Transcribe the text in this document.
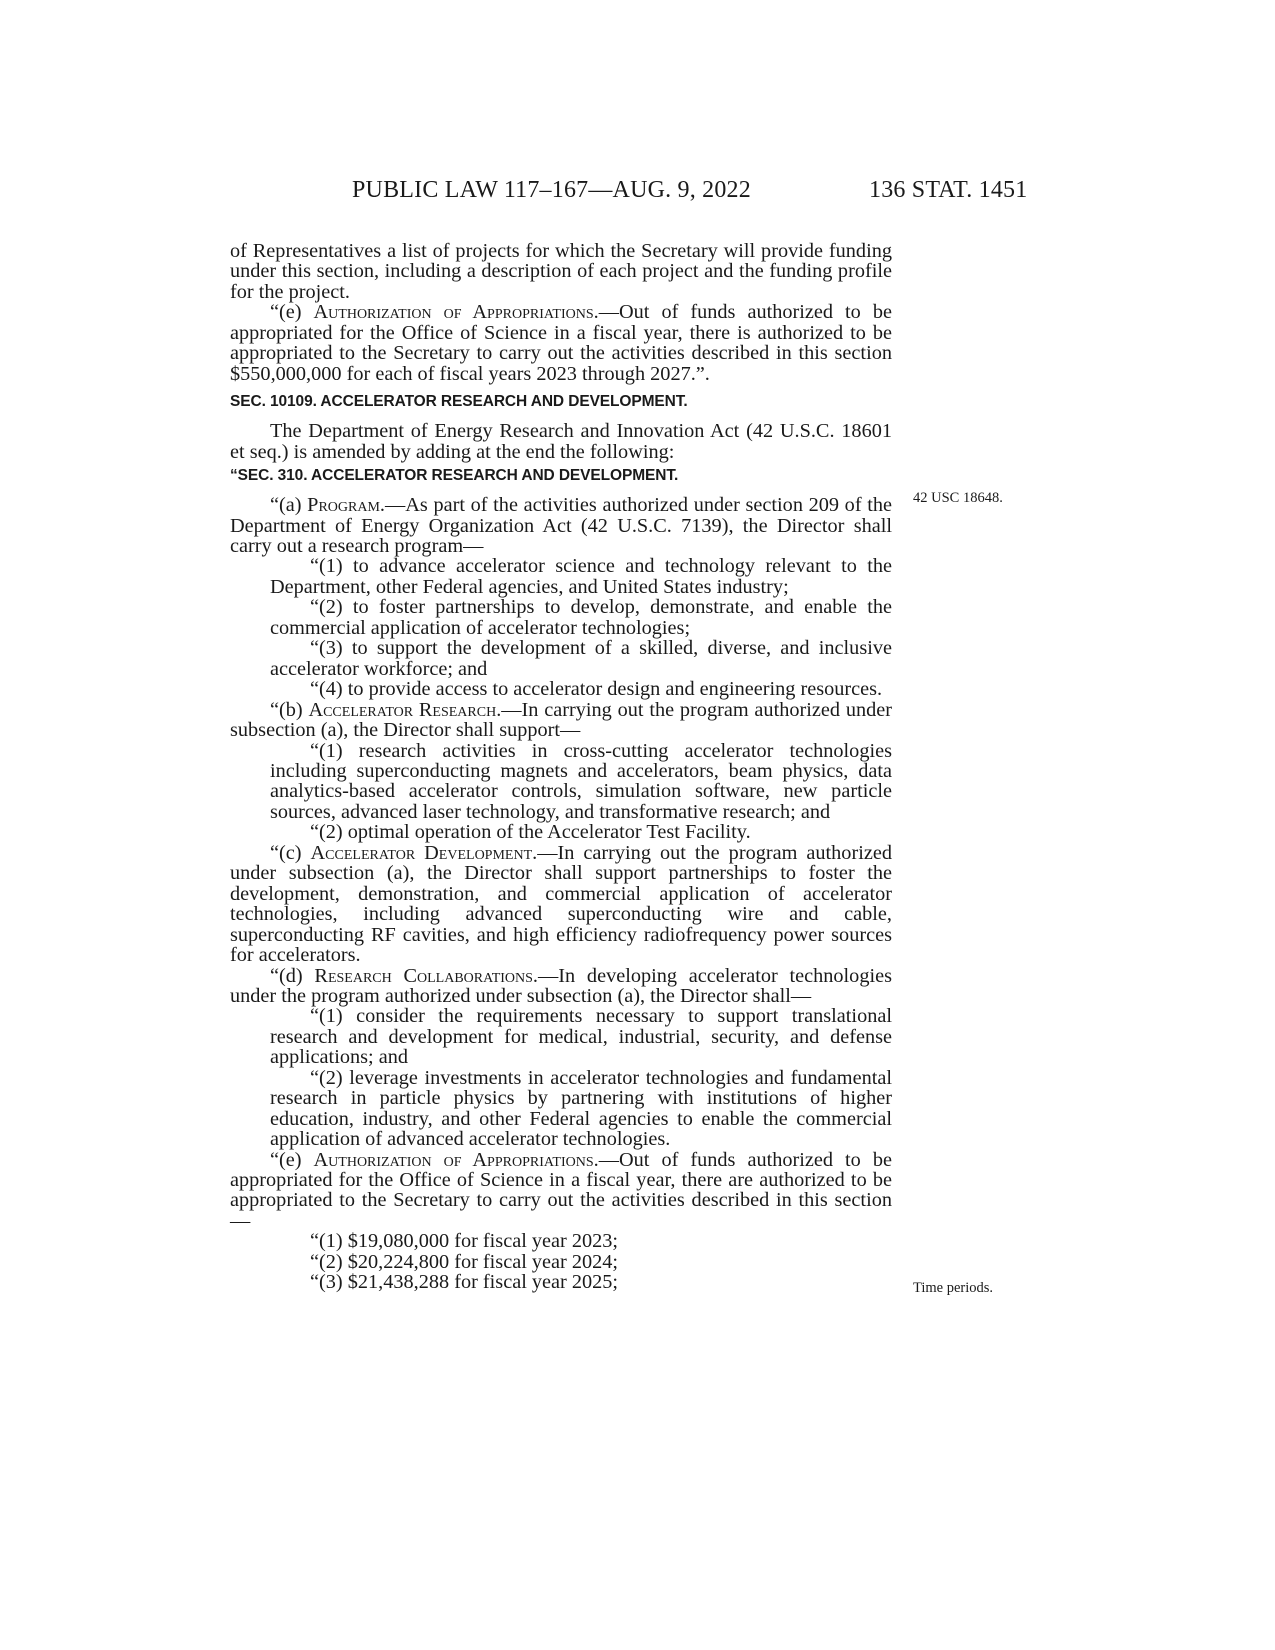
PUBLIC LAW 117–167—AUG. 9, 2022	136 STAT. 1451

of Representatives a list of projects for which the Secretary will provide funding under this section, including a description of each project and the funding profile for the project.

“(e) Authorization of Appropriations.—Out of funds authorized to be appropriated for the Office of Science in a fiscal year, there is authorized to be appropriated to the Secretary to carry out the activities described in this section $550,000,000 for each of fiscal years 2023 through 2027.”.

SEC. 10109. ACCELERATOR RESEARCH AND DEVELOPMENT.

The Department of Energy Research and Innovation Act (42 U.S.C. 18601 et seq.) is amended by adding at the end the following:

“SEC. 310. ACCELERATOR RESEARCH AND DEVELOPMENT.

“(a) Program.—As part of the activities authorized under section 209 of the Department of Energy Organization Act (42 U.S.C. 7139), the Director shall carry out a research program—

“(1) to advance accelerator science and technology relevant to the Department, other Federal agencies, and United States industry;

“(2) to foster partnerships to develop, demonstrate, and enable the commercial application of accelerator technologies;

“(3) to support the development of a skilled, diverse, and inclusive accelerator workforce; and

“(4) to provide access to accelerator design and engineering resources.

“(b) Accelerator Research.—In carrying out the program authorized under subsection (a), the Director shall support—

“(1) research activities in cross-cutting accelerator technologies including superconducting magnets and accelerators, beam physics, data analytics-based accelerator controls, simulation software, new particle sources, advanced laser technology, and transformative research; and

“(2) optimal operation of the Accelerator Test Facility.

“(c) Accelerator Development.—In carrying out the program authorized under subsection (a), the Director shall support partnerships to foster the development, demonstration, and commercial application of accelerator technologies, including advanced superconducting wire and cable, superconducting RF cavities, and high efficiency radiofrequency power sources for accelerators.

“(d) Research Collaborations.—In developing accelerator technologies under the program authorized under subsection (a), the Director shall—

“(1) consider the requirements necessary to support translational research and development for medical, industrial, security, and defense applications; and

“(2) leverage investments in accelerator technologies and fundamental research in particle physics by partnering with institutions of higher education, industry, and other Federal agencies to enable the commercial application of advanced accelerator technologies.

“(e) Authorization of Appropriations.—Out of funds authorized to be appropriated for the Office of Science in a fiscal year, there are authorized to be appropriated to the Secretary to carry out the activities described in this section—

“(1) $19,080,000 for fiscal year 2023;

“(2) $20,224,800 for fiscal year 2024;

“(3) $21,438,288 for fiscal year 2025;

42 USC 18648.
Time periods.
